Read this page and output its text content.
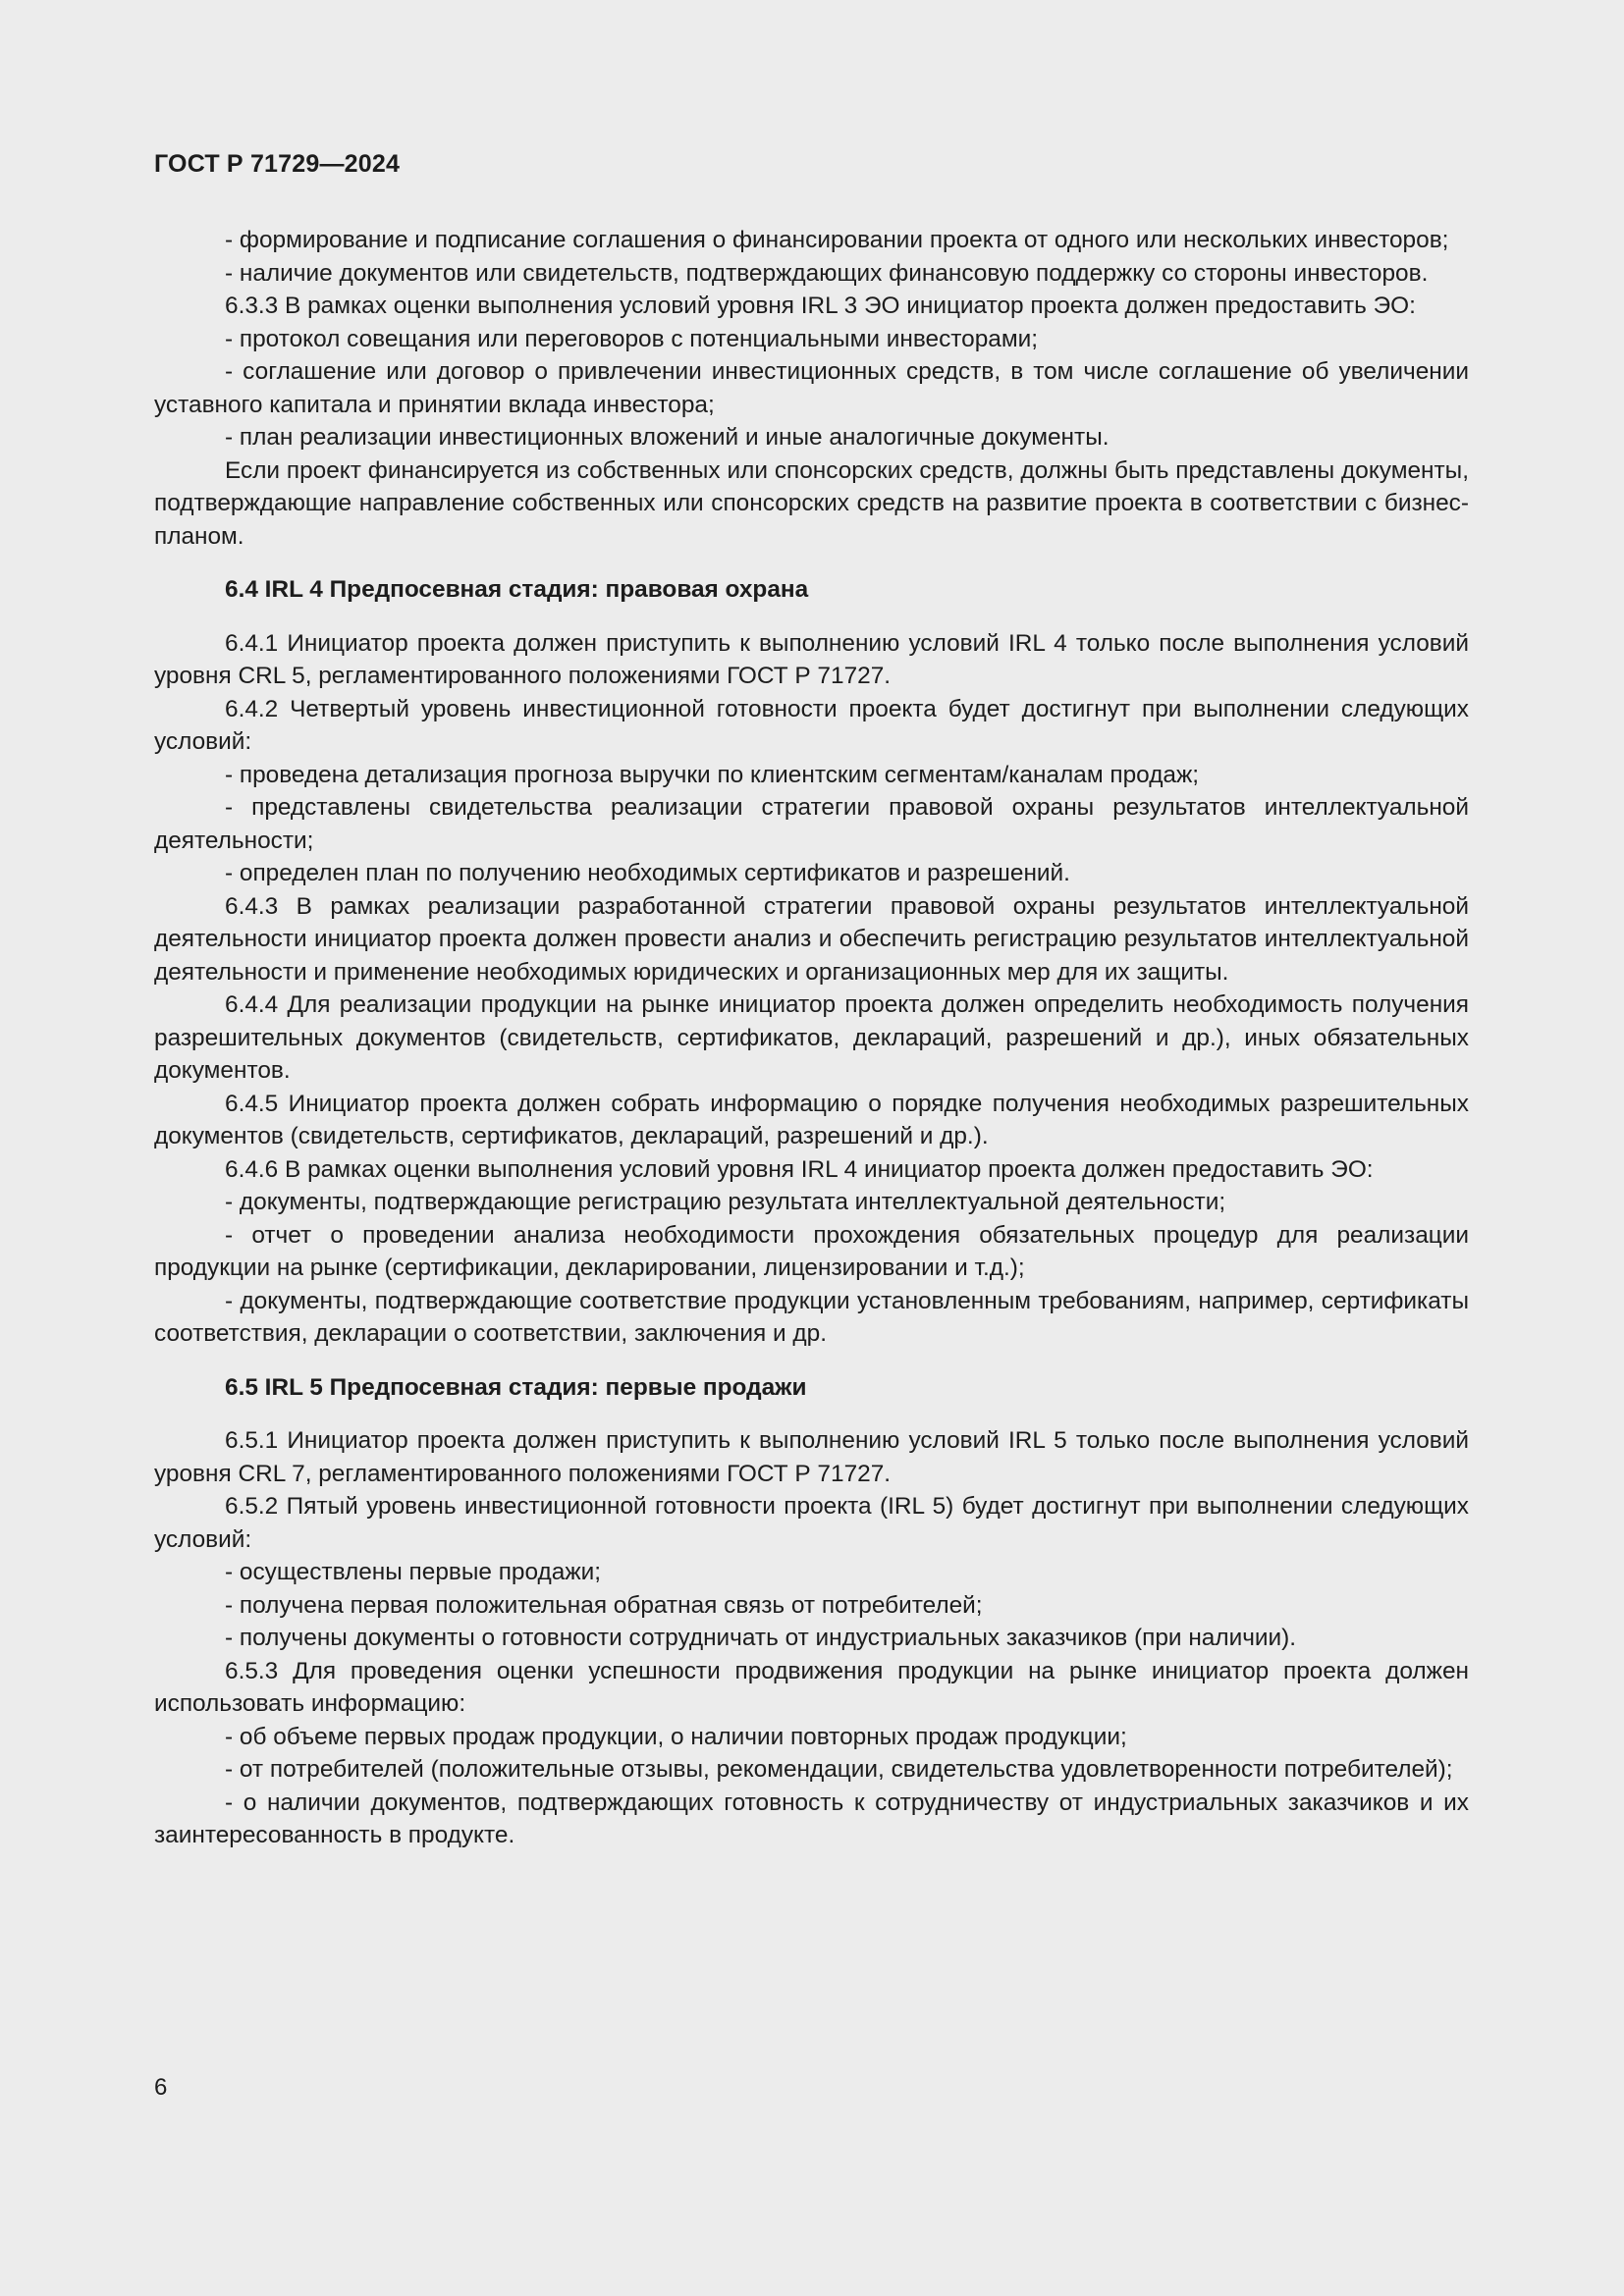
ГОСТ Р 71729—2024

- формирование и подписание соглашения о финансировании проекта от одного или нескольких инвесторов;

- наличие документов или свидетельств, подтверждающих финансовую поддержку со стороны инвесторов.

6.3.3 В рамках оценки выполнения условий уровня IRL 3 ЭО инициатор проекта должен предоставить ЭО:

- протокол совещания или переговоров с потенциальными инвесторами;

- соглашение или договор о привлечении инвестиционных средств, в том числе соглашение об увеличении уставного капитала и принятии вклада инвестора;

- план реализации инвестиционных вложений и иные аналогичные документы.

Если проект финансируется из собственных или спонсорских средств, должны быть представлены документы, подтверждающие направление собственных или спонсорских средств на развитие проекта в соответствии с бизнес-планом.

6.4 IRL 4 Предпосевная стадия: правовая охрана

6.4.1 Инициатор проекта должен приступить к выполнению условий IRL 4 только после выполнения условий уровня CRL 5, регламентированного положениями ГОСТ Р 71727.

6.4.2 Четвертый уровень инвестиционной готовности проекта будет достигнут при выполнении следующих условий:

- проведена детализация прогноза выручки по клиентским сегментам/каналам продаж;

- представлены свидетельства реализации стратегии правовой охраны результатов интеллектуальной деятельности;

- определен план по получению необходимых сертификатов и разрешений.

6.4.3 В рамках реализации разработанной стратегии правовой охраны результатов интеллектуальной деятельности инициатор проекта должен провести анализ и обеспечить регистрацию результатов интеллектуальной деятельности и применение необходимых юридических и организационных мер для их защиты.

6.4.4 Для реализации продукции на рынке инициатор проекта должен определить необходимость получения разрешительных документов (свидетельств, сертификатов, деклараций, разрешений и др.), иных обязательных документов.

6.4.5 Инициатор проекта должен собрать информацию о порядке получения необходимых разрешительных документов (свидетельств, сертификатов, деклараций, разрешений и др.).

6.4.6 В рамках оценки выполнения условий уровня IRL 4 инициатор проекта должен предоставить ЭО:

- документы, подтверждающие регистрацию результата интеллектуальной деятельности;

- отчет о проведении анализа необходимости прохождения обязательных процедур для реализации продукции на рынке (сертификации, декларировании, лицензировании и т.д.);

- документы, подтверждающие соответствие продукции установленным требованиям, например, сертификаты соответствия, декларации о соответствии, заключения и др.

6.5 IRL 5 Предпосевная стадия: первые продажи

6.5.1 Инициатор проекта должен приступить к выполнению условий IRL 5 только после выполнения условий уровня CRL 7, регламентированного положениями ГОСТ Р 71727.

6.5.2 Пятый уровень инвестиционной готовности проекта (IRL 5) будет достигнут при выполнении следующих условий:

- осуществлены первые продажи;

- получена первая положительная обратная связь от потребителей;

- получены документы о готовности сотрудничать от индустриальных заказчиков (при наличии).

6.5.3 Для проведения оценки успешности продвижения продукции на рынке инициатор проекта должен использовать информацию:

- об объеме первых продаж продукции, о наличии повторных продаж продукции;

- от потребителей (положительные отзывы, рекомендации, свидетельства удовлетворенности потребителей);

- о наличии документов, подтверждающих готовность к сотрудничеству от индустриальных заказчиков и их заинтересованность в продукте.

6
